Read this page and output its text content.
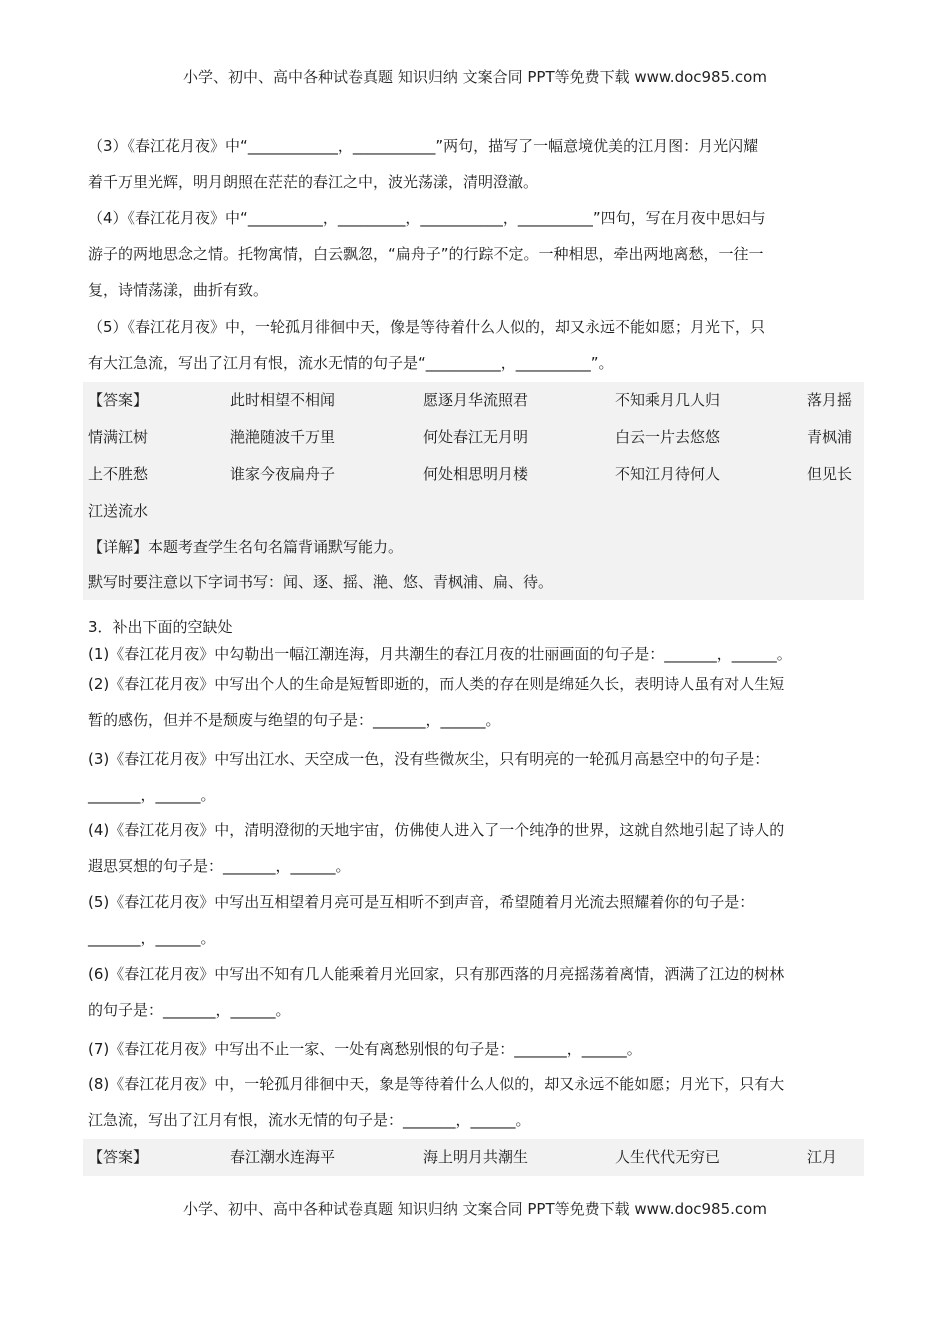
小学、初中、高中各种试卷真题 知识归纳 文案合同 PPT等免费下载 www.doc985.com
（3）《春江花月夜》中“____________，___________”两句，描写了一幅意境优美的江月图：月光闪耀
着千万里光辉，明月朗照在茫茫的春江之中，波光荡漾，清明澄澈。
（4）《春江花月夜》中“__________，_________，___________，__________”四句，写在月夜中思妇与
游子的两地思念之情。托物寓情，白云飘忽，“扁舟子”的行踪不定。一种相思，牵出两地离愁，一往一
复，诗情荡漾，曲折有致。
（5）《春江花月夜》中，一轮孤月徘徊中天，像是等待着什么人似的，却又永远不能如愿；月光下，只
有大江急流，写出了江月有恨，流水无情的句子是“__________，__________”。
【答案】	此时相望不相闻	愿逐月华流照君	不知乘月几人归	落月摇
情满江树	滟滟随波千万里	何处春江无月明	白云一片去悠悠	青枫浦
上不胜愁	谁家今夜扁舟子	何处相思明月楼	不知江月待何人	但见长
江送流水
【详解】本题考查学生名句名篇背诵默写能力。
默写时要注意以下字词书写：闻、逐、摇、滟、悠、青枫浦、扁、待。
3．补出下面的空缺处
(1)《春江花月夜》中勾勒出一幅江潮连海，月共潮生的春江月夜的壮丽画面的句子是：_______，______。
(2)《春江花月夜》中写出个人的生命是短暂即逝的，而人类的存在则是绵延久长，表明诗人虽有对人生短
暂的感伤，但并不是颓废与绝望的句子是：_______，______。
(3)《春江花月夜》中写出江水、天空成一色，没有些微灰尘，只有明亮的一轮孤月高悬空中的句子是：
_______，______。
(4)《春江花月夜》中，清明澄彻的天地宇宙，仿佛使人进入了一个纯净的世界，这就自然地引起了诗人的
遐思冥想的句子是：_______，______。
(5)《春江花月夜》中写出互相望着月亮可是互相听不到声音，希望随着月光流去照耀着你的句子是：
_______，______。
(6)《春江花月夜》中写出不知有几人能乘着月光回家，只有那西落的月亮摇荡着离情，洒满了江边的树林
的句子是：_______，______。
(7)《春江花月夜》中写出不止一家、一处有离愁别恨的句子是：_______，______。
(8)《春江花月夜》中，一轮孤月徘徊中天，象是等待着什么人似的，却又永远不能如愿；月光下，只有大
江急流，写出了江月有恨，流水无情的句子是：_______，______。
【答案】	春江潮水连海平	海上明月共潮生	人生代代无穷已	江月
小学、初中、高中各种试卷真题 知识归纳 文案合同 PPT等免费下载 www.doc985.com
